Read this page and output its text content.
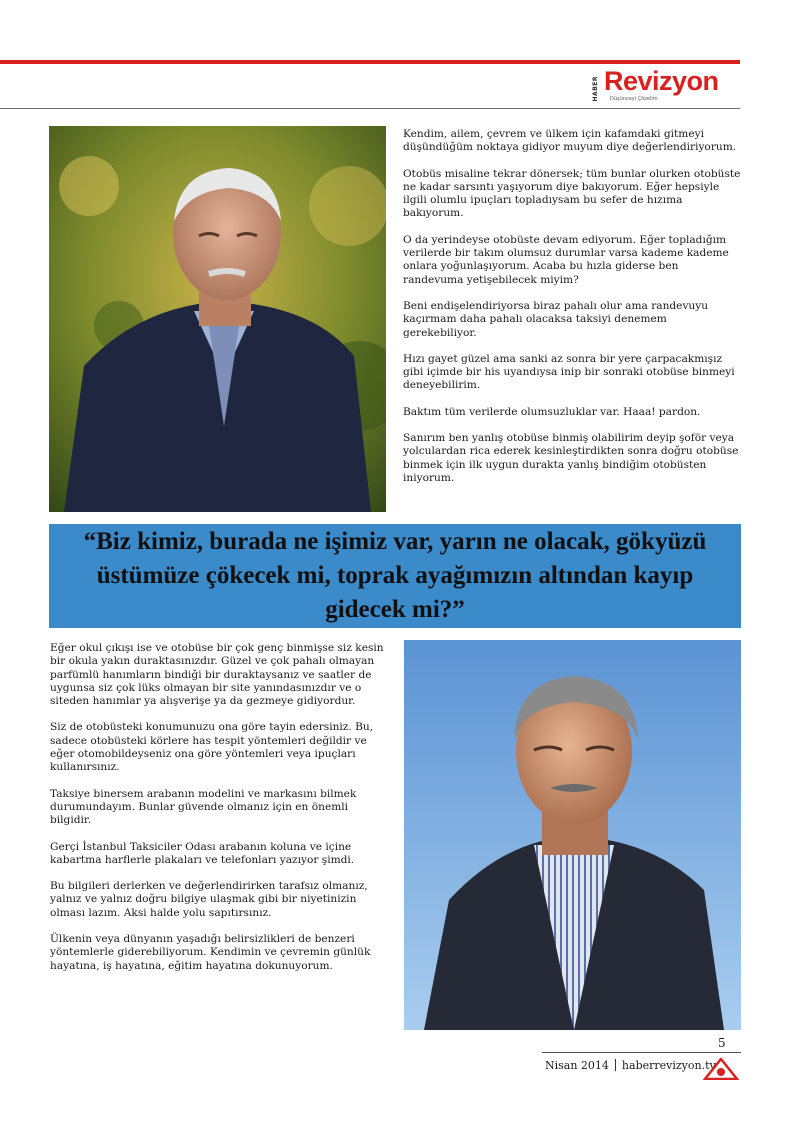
HABER Revizyon
Düşünceyi Çözelim

Kendim, ailem, çevrem ve ülkem için kafamdaki gitmeyi düşündüğüm noktaya gidiyor muyum diye değerlendiriyorum.

Otobüs misaline tekrar dönersek; tüm bunlar olurken otobüste ne kadar sarsıntı yaşıyorum diye bakıyorum. Eğer hepsiyle ilgili olumlu ipuçları topladıysam bu sefer de hızıma bakıyorum.

O da yerindeyse otobüste devam ediyorum. Eğer topladığım verilerde bir takım olumsuz durumlar varsa kademe kademe onlara yoğunlaşıyorum. Acaba bu hızla giderse ben randevuma yetişebilecek miyim?

Beni endişelendiriyorsa biraz pahalı olur ama randevuyu kaçırmam daha pahalı olacaksa taksiyi denemem gerekebiliyor.

Hızı gayet güzel ama sanki az sonra bir yere çarpacakmışız gibi içimde bir his uyandıysa inip bir sonraki otobüse binmeyi deneyebilirim.

Baktım tüm verilerde olumsuzluklar var. Haaa! pardon.

Sanırım ben yanlış otobüse binmiş olabilirim deyip şoför veya yolculardan rica ederek kesinleştirdikten sonra doğru otobüse binmek için ilk uygun durakta yanlış bindiğim otobüsten iniyorum.

“Biz kimiz, burada ne işimiz var, yarın ne olacak, gökyüzü üstümüze çökecek mi, toprak ayağımızın altından kayıp gidecek mi?”

Eğer okul çıkışı ise ve otobüse bir çok genç binmişse siz kesin bir okula yakın duraktasınızdır. Güzel ve çok pahalı olmayan parfümlü hanımların bindiği bir duraktaysanız ve saatler de uygunsa siz çok lüks olmayan bir site yanındasınızdır ve o siteden hanımlar ya alışverişe ya da gezmeye gidiyordur.

Siz de otobüsteki konumunuzu ona göre tayin edersiniz. Bu, sadece otobüsteki körlere has tespit yöntemleri değildir ve eğer otomobildeyseniz ona göre yöntemleri veya ipuçları kullanırsınız.

Taksiye binersem arabanın modelini ve markasını bilmek durumundayım. Bunlar güvende olmanız için en önemli bilgidir.

Gerçi İstanbul Taksiciler Odası arabanın koluna ve içine kabartma harflerle plakaları ve telefonları yazıyor şimdi.

Bu bilgileri derlerken ve değerlendirirken tarafsız olmanız, yalnız ve yalnız doğru bilgiye ulaşmak gibi bir niyetinizin olması lazım. Aksi halde yolu sapıtırsınız.

Ülkenin veya dünyanın yaşadığı belirsizlikleri de benzeri yöntemlerle giderebiliyorum. Kendimin ve çevremin günlük hayatına, iş hayatına, eğitim hayatına dokunuyorum.

5
Nisan 2014 haberrevizyon.tv
